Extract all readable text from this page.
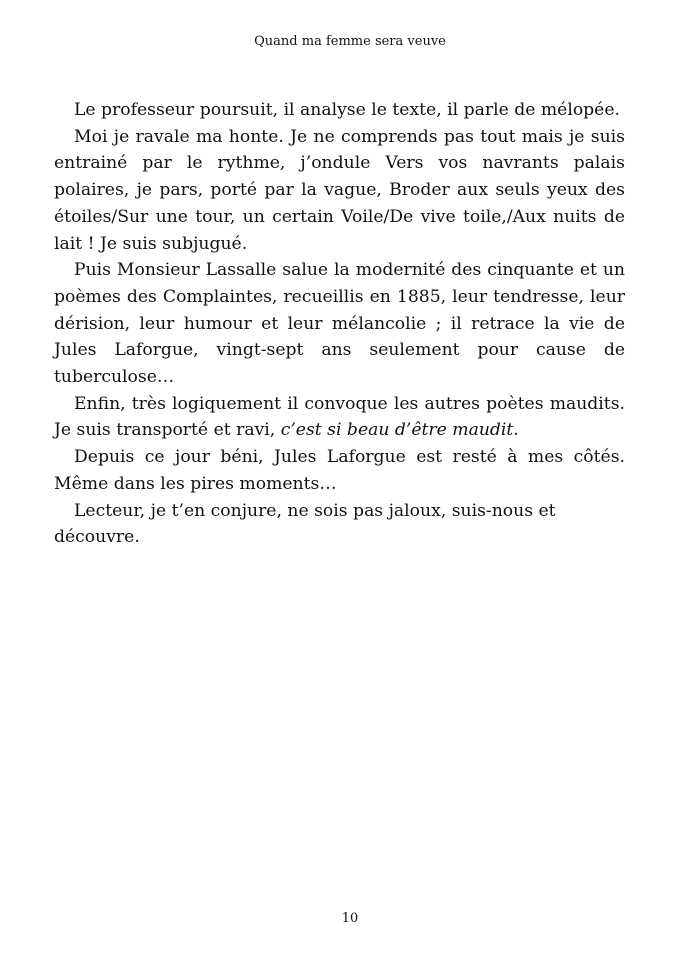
Quand ma femme sera veuve

Le professeur poursuit, il analyse le texte, il parle de mélopée.

Moi je ravale ma honte. Je ne comprends pas tout mais je suis entrainé par le rythme, j’ondule Vers vos navrants palais polaires, je pars, porté par la vague, Broder aux seuls yeux des étoiles/Sur une tour, un certain Voile/De vive toile,/Aux nuits de lait ! Je suis subjugué.

Puis Monsieur Lassalle salue la modernité des cinquante et un poèmes des Complaintes, recueillis en 1885, leur tendresse, leur dérision, leur humour et leur mélancolie ; il retrace la vie de Jules Laforgue, vingt-sept ans seulement pour cause de tuberculose…

Enfin, très logiquement il convoque les autres poètes maudits. Je suis transporté et ravi, c’est si beau d’être maudit.

Depuis ce jour béni, Jules Laforgue est resté à mes côtés. Même dans les pires moments…

Lecteur, je t’en conjure, ne sois pas jaloux, suis-nous et découvre.

10
